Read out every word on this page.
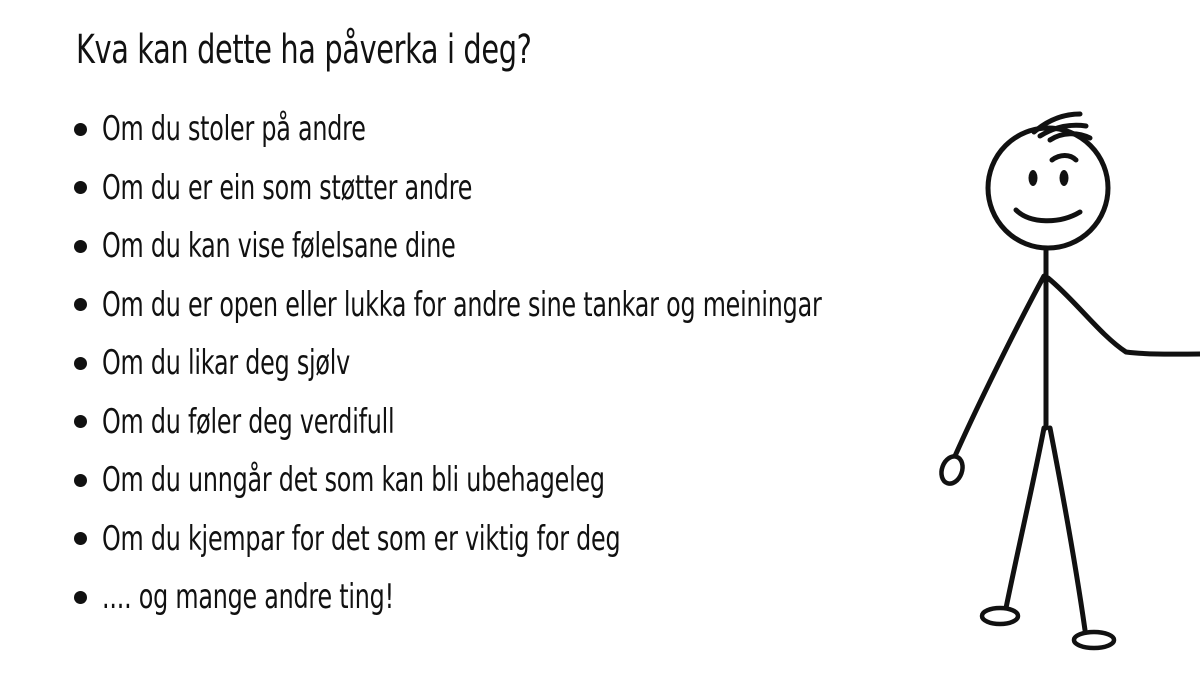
Kva kan dette ha påverka i deg?
Om du stoler på andre
Om du er ein som støtter andre
Om du kan vise følelsane dine
Om du er open eller lukka for andre sine tankar og meiningar
Om du likar deg sjølv
Om du føler deg verdifull
Om du unngår det som kan bli ubehageleg
Om du kjempar for det som er viktig for deg
.... og mange andre ting!
